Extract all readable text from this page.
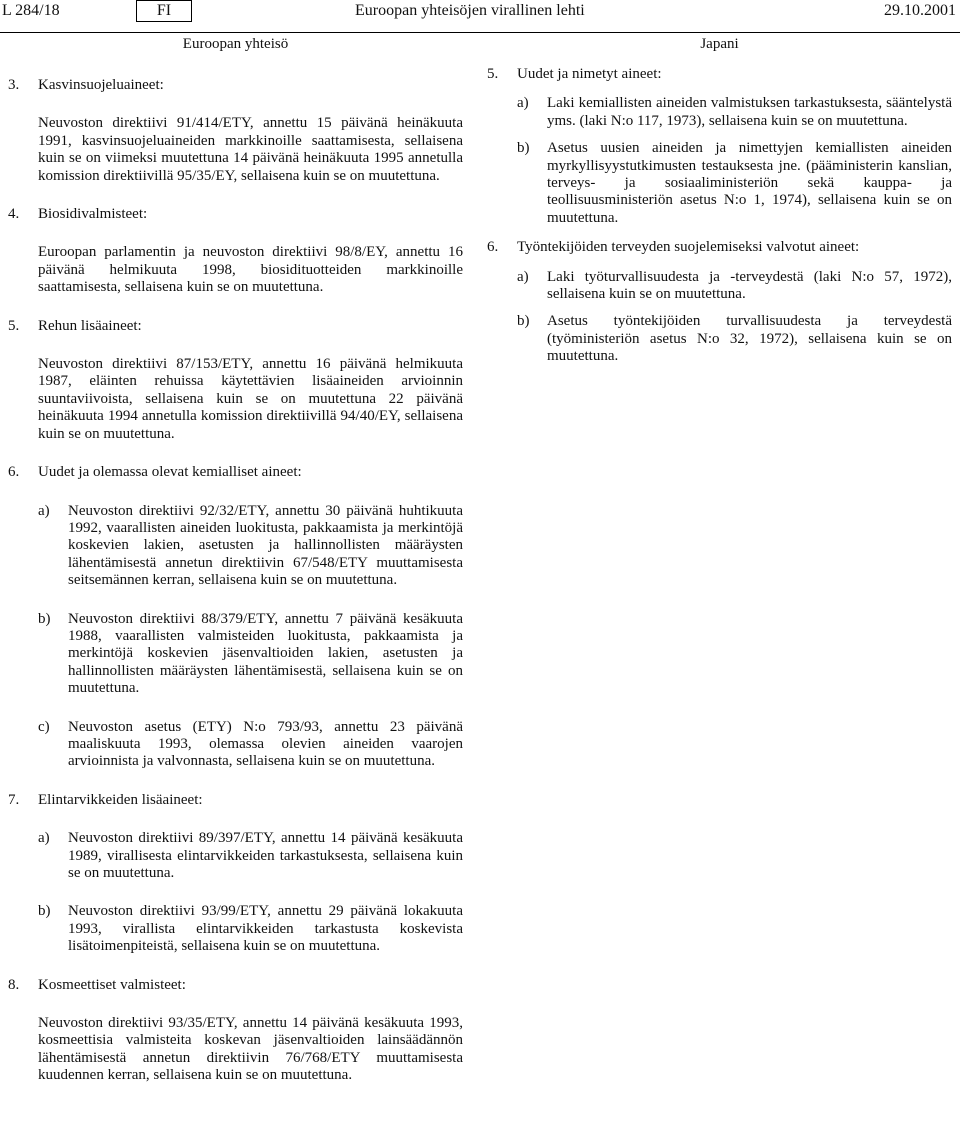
L 284/18	FI	Euroopan yhteisöjen virallinen lehti	29.10.2001
Euroopan yhteisö
3. Kasvinsuojeluaineet:
Neuvoston direktiivi 91/414/ETY, annettu 15 päivänä heinäkuuta 1991, kasvinsuojeluaineiden markkinoille saattamisesta, sellaisena kuin se on viimeksi muutettuna 14 päivänä heinäkuuta 1995 annetulla komission direktiivillä 95/35/EY, sellaisena kuin se on muutettuna.
4. Biosidivalmisteet:
Euroopan parlamentin ja neuvoston direktiivi 98/8/EY, annettu 16 päivänä helmikuuta 1998, biosidituotteiden markkinoille saattamisesta, sellaisena kuin se on muutettuna.
5. Rehun lisäaineet:
Neuvoston direktiivi 87/153/ETY, annettu 16 päivänä helmikuuta 1987, eläinten rehuissa käytettävien lisäaineiden arvioinnin suuntaviivoista, sellaisena kuin se on muutettuna 22 päivänä heinäkuuta 1994 annetulla komission direktiivillä 94/40/EY, sellaisena kuin se on muutettuna.
6. Uudet ja olemassa olevat kemialliset aineet:
a) Neuvoston direktiivi 92/32/ETY, annettu 30 päivänä huhtikuuta 1992, vaarallisten aineiden luokitusta, pakkaamista ja merkintöjä koskevien lakien, asetusten ja hallinnollisten määräysten lähentämisestä annetun direktiivin 67/548/ETY muuttamisesta seitsemännen kerran, sellaisena kuin se on muutettuna.
b) Neuvoston direktiivi 88/379/ETY, annettu 7 päivänä kesäkuuta 1988, vaarallisten valmisteiden luokitusta, pakkaamista ja merkintöjä koskevien jäsenvaltioiden lakien, asetusten ja hallinnollisten määräysten lähentämisestä, sellaisena kuin se on muutettuna.
c) Neuvoston asetus (ETY) N:o 793/93, annettu 23 päivänä maaliskuuta 1993, olemassa olevien aineiden vaarojen arvioinnista ja valvonnasta, sellaisena kuin se on muutettuna.
7. Elintarvikkeiden lisäaineet:
a) Neuvoston direktiivi 89/397/ETY, annettu 14 päivänä kesäkuuta 1989, virallisesta elintarvikkeiden tarkastuksesta, sellaisena kuin se on muutettuna.
b) Neuvoston direktiivi 93/99/ETY, annettu 29 päivänä lokakuuta 1993, virallista elintarvikkeiden tarkastusta koskevista lisätoimenpiteistä, sellaisena kuin se on muutettuna.
8. Kosmeettiset valmisteet:
Neuvoston direktiivi 93/35/ETY, annettu 14 päivänä kesäkuuta 1993, kosmeettisia valmisteita koskevan jäsenvaltioiden lainsäädännön lähentämisestä annetun direktiivin 76/768/ETY muuttamisesta kuudennen kerran, sellaisena kuin se on muutettuna.
Japani
5. Uudet ja nimetyt aineet:
a) Laki kemiallisten aineiden valmistuksen tarkastuksesta, sääntelystä yms. (laki N:o 117, 1973), sellaisena kuin se on muutettuna.
b) Asetus uusien aineiden ja nimettyjen kemiallisten aineiden myrkyllisyystutkimusten testauksesta jne. (pääministerin kanslian, terveys- ja sosiaaliministeriön sekä kauppa- ja teollisuusministeriön asetus N:o 1, 1974), sellaisena kuin se on muutettuna.
6. Työntekijöiden terveyden suojelemiseksi valvotut aineet:
a) Laki työturvallisuudesta ja -terveydestä (laki N:o 57, 1972), sellaisena kuin se on muutettuna.
b) Asetus työntekijöiden turvallisuudesta ja terveydestä (työministeriön asetus N:o 32, 1972), sellaisena kuin se on muutettuna.
